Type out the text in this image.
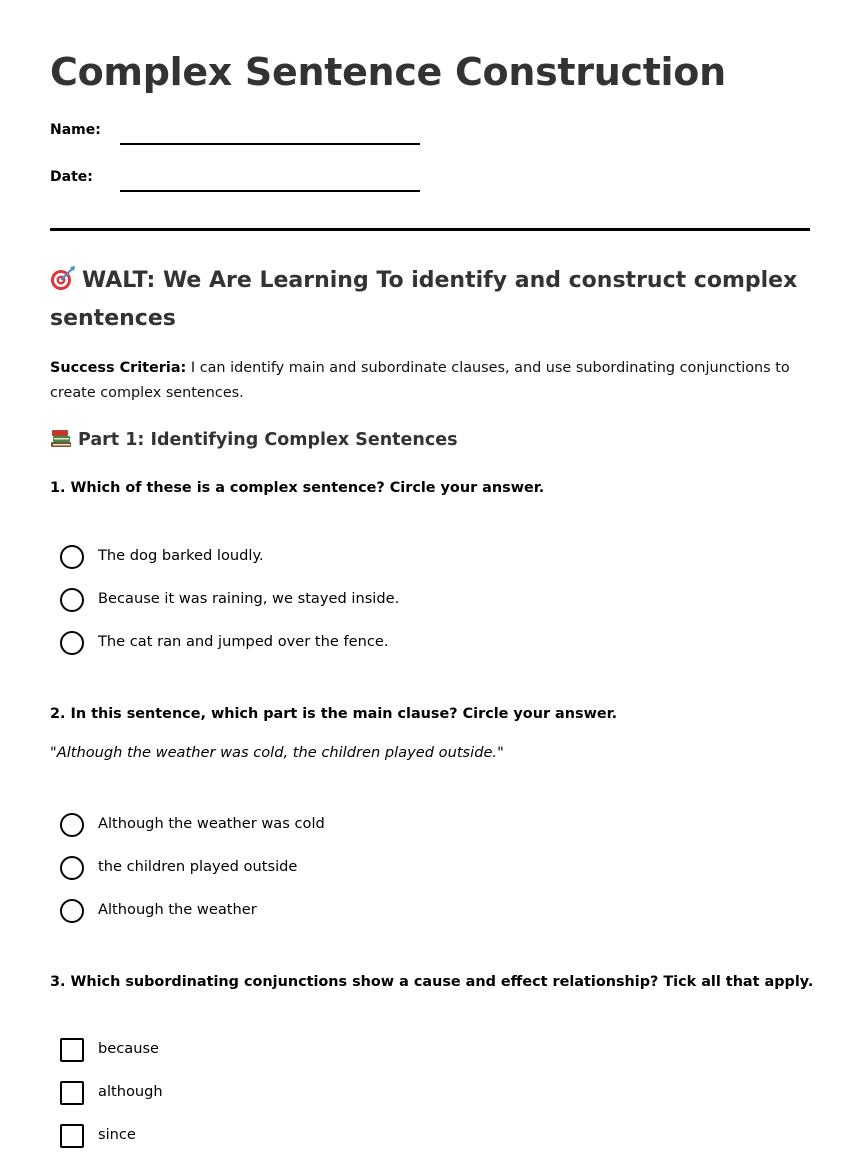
Complex Sentence Construction
Name:
Date:
WALT: We Are Learning To identify and construct complex sentences

Success Criteria: I can identify main and subordinate clauses, and use subordinating conjunctions to create complex sentences.

Part 1: Identifying Complex Sentences

1. Which of these is a complex sentence? Circle your answer.

The dog barked loudly.
Because it was raining, we stayed inside.
The cat ran and jumped over the fence.

2. In this sentence, which part is the main clause? Circle your answer.

"Although the weather was cold, the children played outside."

Although the weather was cold
the children played outside
Although the weather

3. Which subordinating conjunctions show a cause and effect relationship? Tick all that apply.

because
although
since
